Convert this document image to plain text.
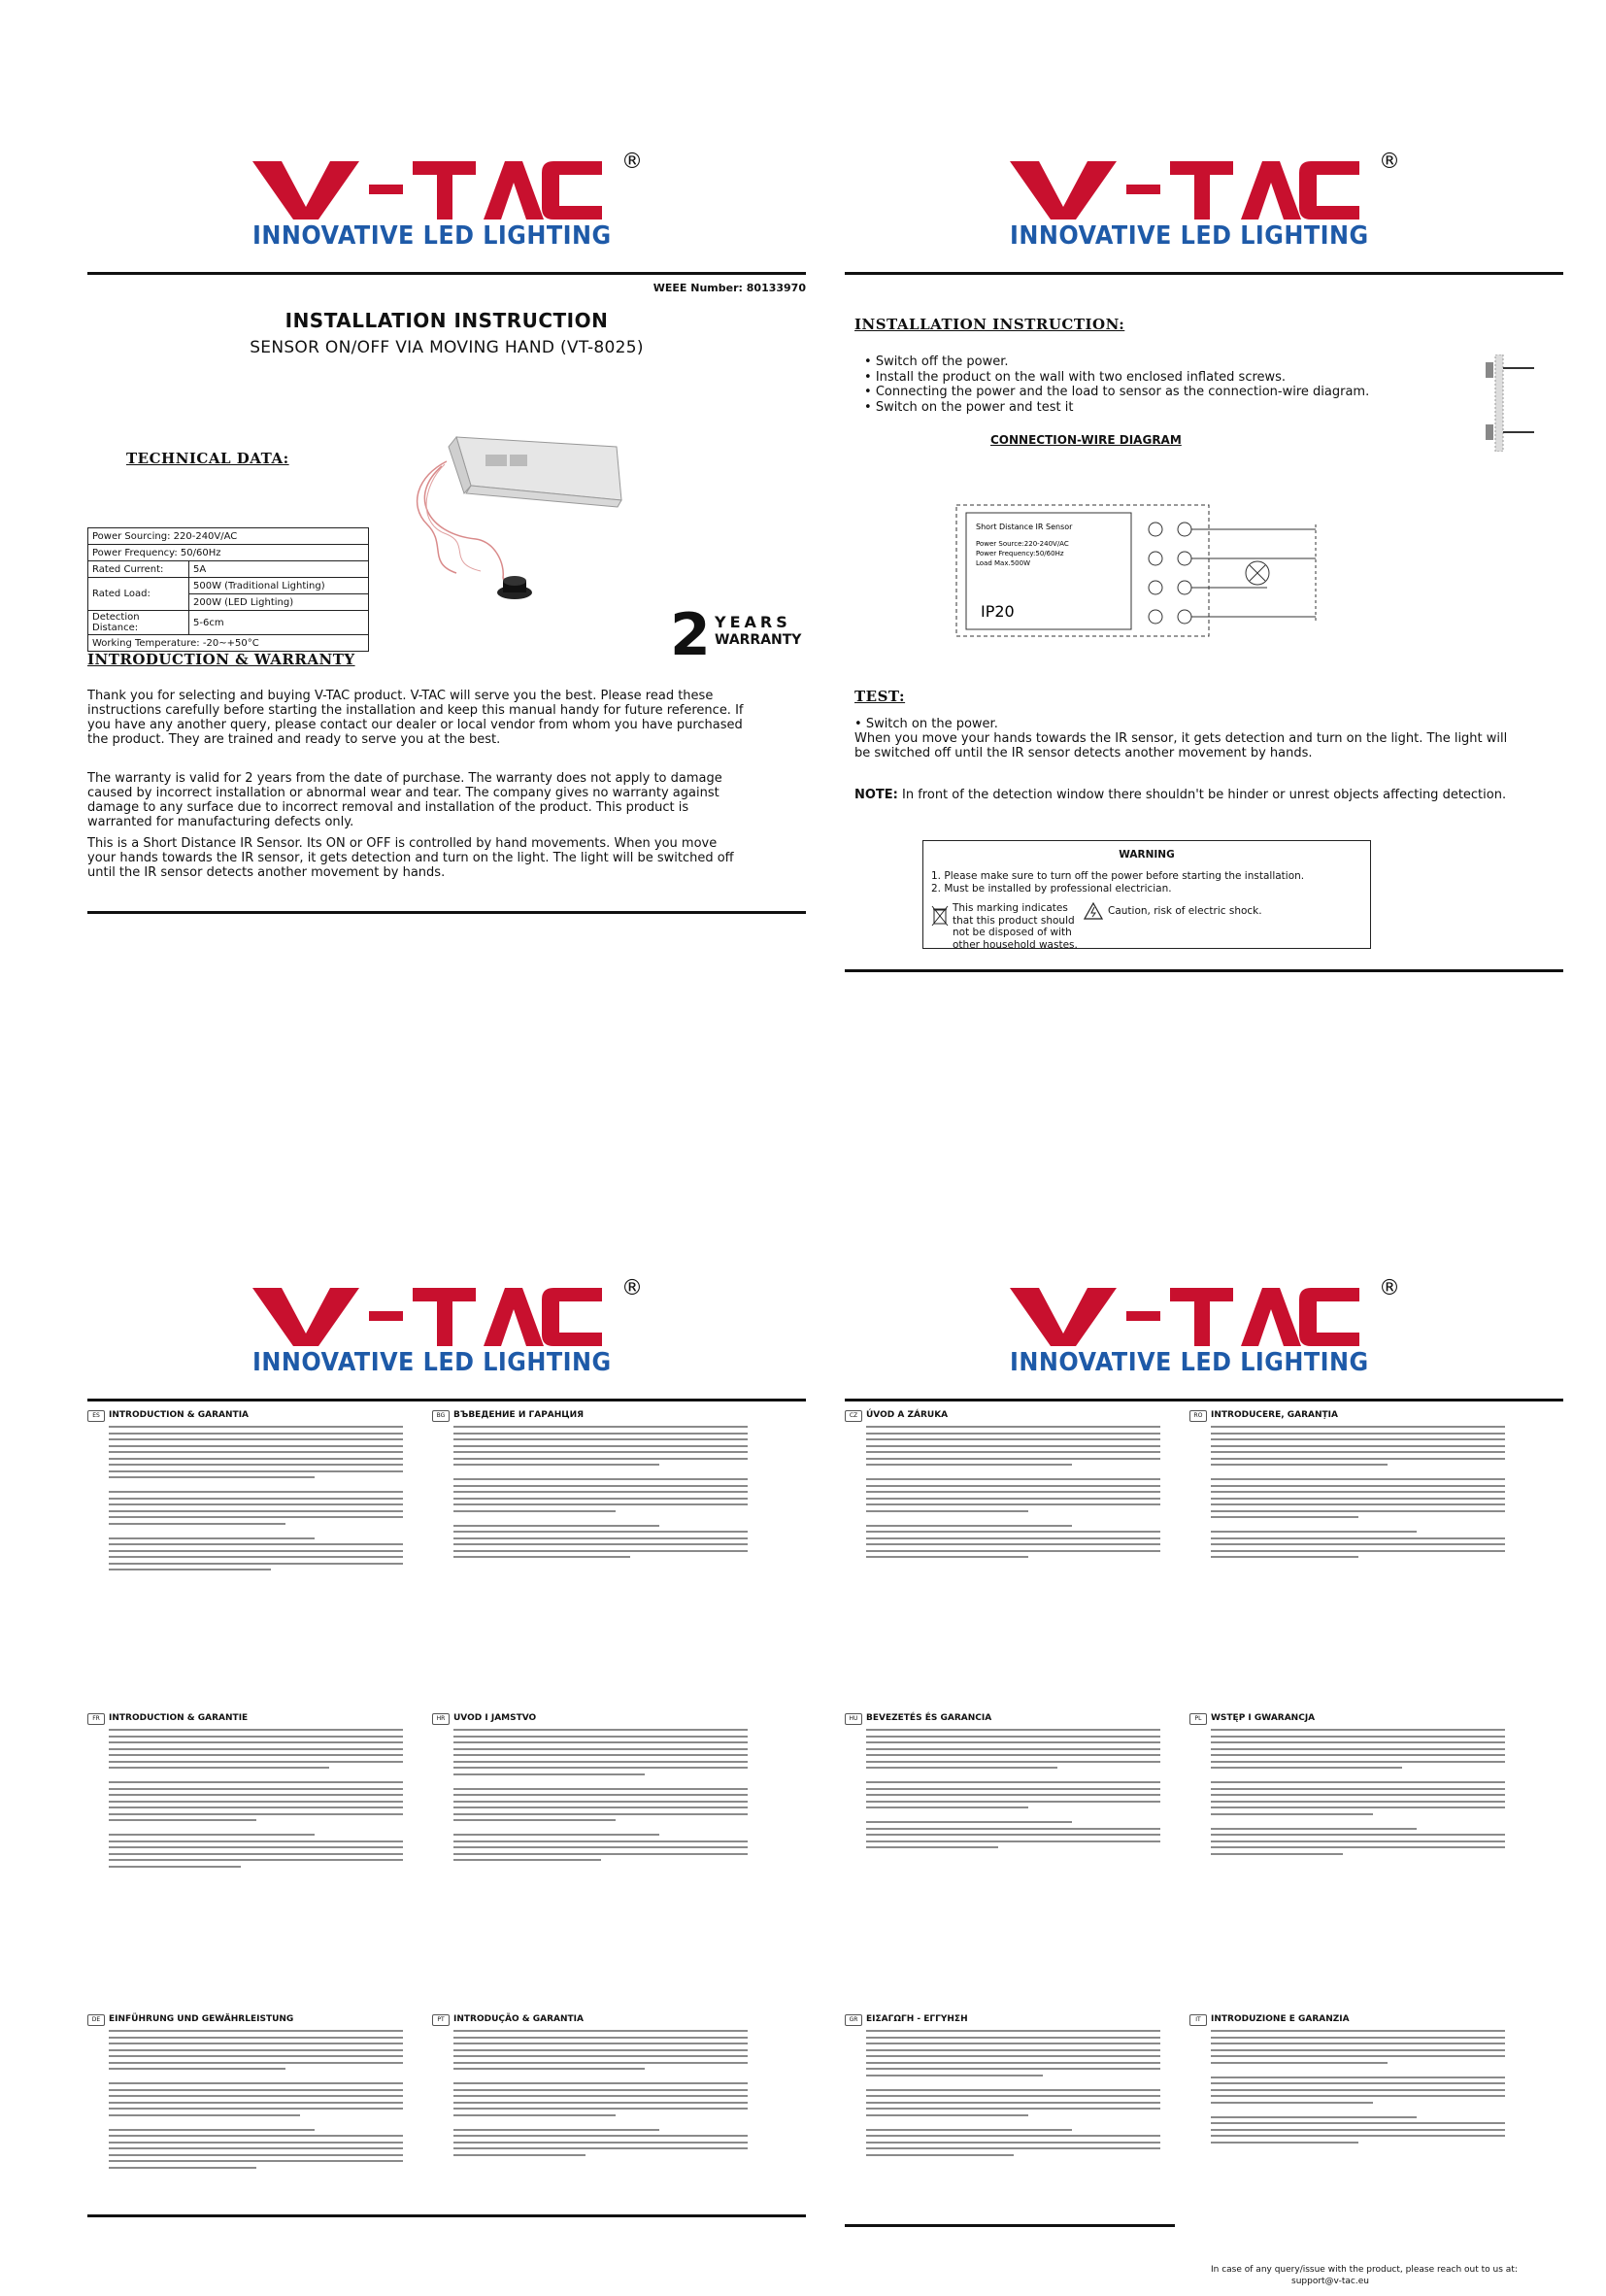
®
INNOVATIVE LED LIGHTING
WEEE Number: 80133970
INSTALLATION INSTRUCTION
SENSOR ON/OFF VIA MOVING HAND (VT-8025)
TECHNICAL DATA:
Power Sourcing: 220-240V/AC	
Power Frequency: 50/60Hz	
Rated Current:	5A
Rated Load:	500W (Traditional Lighting)
	200W (LED Lighting)
Detection Distance:	5-6cm
Working Temperature: -20~+50°C		2 YEARS
WARRANTY
INTRODUCTION & WARRANTY
Thank you for selecting and buying V-TAC product. V-TAC will serve you the best. Please read these instructions carefully before starting the installation and keep this manual handy for future reference. If you have any another query, please contact our dealer or local vendor from whom you have purchased the product. They are trained and ready to serve you at the best.
The warranty is valid for 2 years from the date of purchase. The warranty does not apply to damage caused by incorrect installation or abnormal wear and tear. The company gives no warranty against damage to any surface due to incorrect removal and installation of the product. This product is warranted for manufacturing defects only.
This is a Short Distance IR Sensor. Its ON or OFF is controlled by hand movements. When you move your hands towards the IR sensor, it gets detection and turn on the light. The light will be switched off until the IR sensor detects another movement by hands.
®
INNOVATIVE LED LIGHTING
INSTALLATION INSTRUCTION:
• Switch off the power.
• Install the product on the wall with two enclosed inflated screws.
• Connecting the power and the load to sensor as the connection-wire diagram.
• Switch on the power and test it
CONNECTION-WIRE DIAGRAM
Short Distance IR Sensor
Power Source:220-240V/AC
Power Frequency:50/60Hz
Load Max.500W
IP20
TEST:
• Switch on the power.
When you move your hands towards the IR sensor, it gets detection and turn on the light. The light will be switched off until the IR sensor detects another movement by hands.
NOTE: In front of the detection window there shouldn't be hinder or unrest objects affecting detection.
WARNING
1. Please make sure to turn off the power before starting the installation.
2. Must be installed by professional electrician.
This marking indicates that this product should not be disposed of with other household wastes.
Caution, risk of electric shock.
®
INNOVATIVE LED LIGHTING
ES	INTRODUCTION & GARANTIA
FR	INTRODUCTION & GARANTIE
DE EINFÜHRUNG UND GEWÄHRLEISTUNG
BG ВЪВЕДЕНИЕ И ГАРАНЦИЯ
HR UVOD I JAMSTVO
PT	INTRODUÇÃO & GARANTIA
®
INNOVATIVE LED LIGHTING
CZ ÚVOD A ZÁRUKA
HU BEVEZETÉS ÉS GARANCIA
GR ΕΙΣΑΓΩΓΗ - ΕΓΓΥΗΣΗ
RO INTRODUCERE, GARANȚIA
PL	WSTĘP I GWARANCJA
IT	INTRODUZIONE E GARANZIA
In case of any query/issue with the product, please reach out to us at:
support@v-tac.eu
